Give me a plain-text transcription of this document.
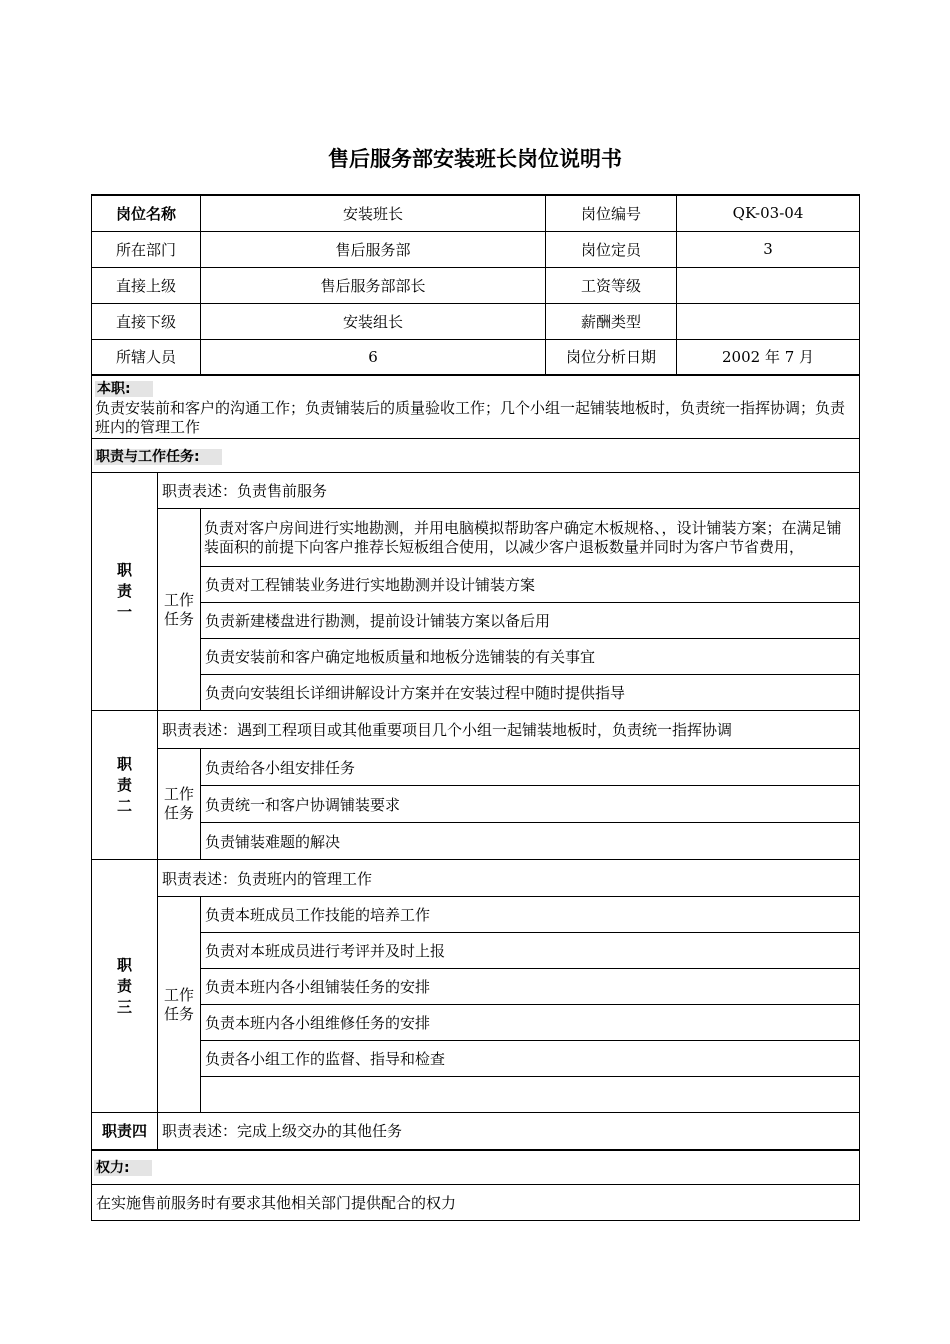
售后服务部安装班长岗位说明书
岗位名称		安装班长	岗位编号	QK-03-04
所在部门		售后服务部	岗位定员	3
直接上级		售后服务部部长	工资等级	
直接下级		安装组长	薪酬类型	
所辖人员		6	岗位分析日期	2002 年 7 月
本职:
负责安装前和客户的沟通工作；负责铺装后的质量验收工作；几个小组一起铺装地板时，负责统一指挥协调；负责班内的管理工作				
职责与工作任务:				
职
责
一	职责表述：负责售前服务			
	工作
任务	负责对客户房间进行实地勘测，并用电脑模拟帮助客户确定木板规格、，设计铺装方案；在满足铺装面积的前提下向客户推荐长短板组合使用，以减少客户退板数量并同时为客户节省费用，		
		负责对工程铺装业务进行实地勘测并设计铺装方案		
		负责新建楼盘进行勘测，提前设计铺装方案以备后用		
		负责安装前和客户确定地板质量和地板分选铺装的有关事宜		
		负责向安装组长详细讲解设计方案并在安装过程中随时提供指导		
职
责
二	职责表述：遇到工程项目或其他重要项目几个小组一起铺装地板时，负责统一指挥协调			
	工作
任务	负责给各小组安排任务		
		负责统一和客户协调铺装要求		
		负责铺装难题的解决		
职
责
三	职责表述：负责班内的管理工作			
	工作
任务	负责本班成员工作技能的培养工作		
		负责对本班成员进行考评并及时上报		
		负责本班内各小组铺装任务的安排		
		负责本班内各小组维修任务的安排		
		负责各小组工作的监督、指导和检查		

职责四	职责表述：完成上级交办的其他任务			
权力:				
在实施售前服务时有要求其他相关部门提供配合的权力				
